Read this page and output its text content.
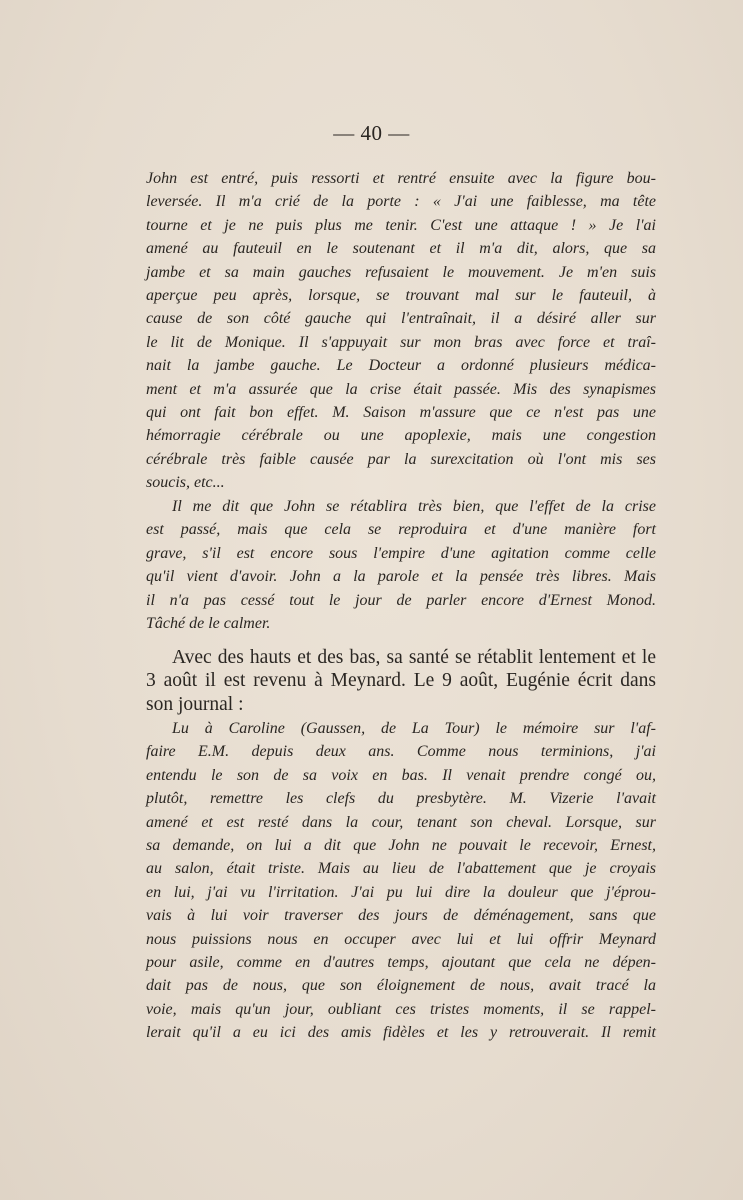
— 40 —
John est entré, puis ressorti et rentré ensuite avec la figure bou-
leversée. Il m'a crié de la porte : « J'ai une faiblesse, ma tête
tourne et je ne puis plus me tenir. C'est une attaque ! » Je l'ai
amené au fauteuil en le soutenant et il m'a dit, alors, que sa
jambe et sa main gauches refusaient le mouvement. Je m'en suis
aperçue peu après, lorsque, se trouvant mal sur le fauteuil, à
cause de son côté gauche qui l'entraînait, il a désiré aller sur
le lit de Monique. Il s'appuyait sur mon bras avec force et traî-
nait la jambe gauche. Le Docteur a ordonné plusieurs médica-
ment et m'a assurée que la crise était passée. Mis des synapismes
qui ont fait bon effet. M. Saison m'assure que ce n'est pas une
hémorragie cérébrale ou une apoplexie, mais une congestion
cérébrale très faible causée par la surexcitation où l'ont mis ses
soucis, etc...
Il me dit que John se rétablira très bien, que l'effet de la crise
est passé, mais que cela se reproduira et d'une manière fort
grave, s'il est encore sous l'empire d'une agitation comme celle
qu'il vient d'avoir. John a la parole et la pensée très libres. Mais
il n'a pas cessé tout le jour de parler encore d'Ernest Monod.
Tâché de le calmer.
Avec des hauts et des bas, sa santé se rétablit lentement et le
3 août il est revenu à Meynard. Le 9 août, Eugénie écrit dans
son journal :
Lu à Caroline (Gaussen, de La Tour) le mémoire sur l'af-
faire E.M. depuis deux ans. Comme nous terminions, j'ai
entendu le son de sa voix en bas. Il venait prendre congé ou,
plutôt, remettre les clefs du presbytère. M. Vizerie l'avait
amené et est resté dans la cour, tenant son cheval. Lorsque, sur
sa demande, on lui a dit que John ne pouvait le recevoir, Ernest,
au salon, était triste. Mais au lieu de l'abattement que je croyais
en lui, j'ai vu l'irritation. J'ai pu lui dire la douleur que j'éprou-
vais à lui voir traverser des jours de déménagement, sans que
nous puissions nous en occuper avec lui et lui offrir Meynard
pour asile, comme en d'autres temps, ajoutant que cela ne dépen-
dait pas de nous, que son éloignement de nous, avait tracé la
voie, mais qu'un jour, oubliant ces tristes moments, il se rappel-
lerait qu'il a eu ici des amis fidèles et les y retrouverait. Il remit
